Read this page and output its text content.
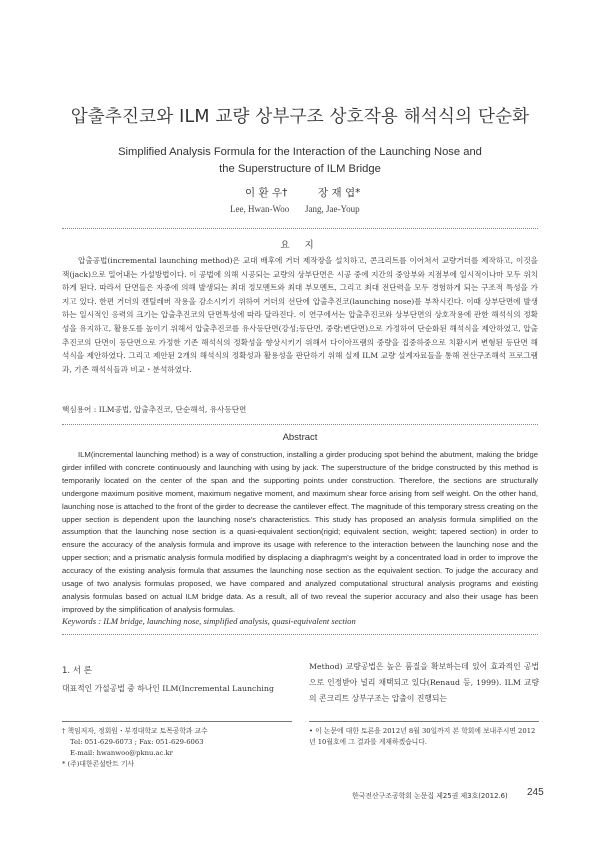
압출추진코와 ILM 교량 상부구조 상호작용 해석식의 단순화
Simplified Analysis Formula for the Interaction of the Launching Nose and
the Superstructure of ILM Bridge
이 환 우†	장 재 엽*
Lee, Hwan-Woo Jang, Jae-Youp
요 지

압출공법(incremental launching method)은 교대 배후에 거더 제작장을 설치하고, 콘크리트를 이어쳐서 교량거더를 제작하고, 이것을 잭(jack)으로 밀어내는 가설방법이다. 이 공법에 의해 시공되는 교량의 상부단면은 시공 중에 지간의 중앙부와 지점부에 일시적이나마 모두 위치하게 된다. 따라서 단면들은 자중에 의해 발생되는 최대 정모멘트와 최대 부모멘트, 그리고 최대 전단력을 모두 경험하게 되는 구조적 특성을 가지고 있다. 한편 거더의 캔틸레버 작용을 감소시키기 위하여 거더의 선단에 압출추진코(launching nose)를 부착시킨다. 이때 상부단면에 발생하는 일시적인 응력의 크기는 압출추진코의 단면특성에 따라 달라진다. 이 연구에서는 압출추진코와 상부단면의 상호작용에 관한 해석식의 정확성을 유지하고, 활용도를 높이기 위해서 압출추진코를 유사등단면(강성;등단면, 중량;변단면)으로 가정하여 단순화된 해석식을 제안하였고, 압출추진코의 단면이 등단면으로 가정한 기존 해석식의 정확성을 향상시키기 위해서 다이아프램의 중량을 집중하중으로 치환시켜 변형된 등단면 해석식을 제안하였다. 그리고 제안된 2개의 해석식의 정확성과 활용성을 판단하기 위해 실제 ILM 교량 설계자료들을 통해 전산구조해석 프로그램과, 기존 해석식들과 비교・분석하였다.

핵심용어 : ILM공법, 압출추진코, 단순해석, 유사등단면
Abstract

ILM(incremental launching method) is a way of construction, installing a girder producing spot behind the abutment, making the bridge girder infilled with concrete continuously and launching with using by jack. The superstructure of the bridge constructed by this method is temporarily located on the center of the span and the supporting points under construction. Therefore, the sections are structurally undergone maximum positive moment, maximum negative moment, and maximum shear force arising from self weight. On the other hand, launching nose is attached to the front of the girder to decrease the cantilever effect. The magnitude of this temporary stress creating on the upper section is dependent upon the launching nose's characteristics. This study has proposed an analysis formula simplified on the assumption that the launching nose section is a quasi-equivalent section(rigid; equivalent section, weight; tapered section) in order to ensure the accuracy of the analysis formula and improve its usage with reference to the interaction between the launching nose and the upper section; and a prismatic analysis formula modified by displacing a diaphragm's weight by a concentrated load in order to improve the accuracy of the existing analysis formula that assumes the launching nose section as the equivalent section. To judge the accuracy and usage of two analysis formulas proposed, we have compared and analyzed computational structural analysis programs and existing analysis formulas based on actual ILM bridge data. As a result, all of two reveal the superior accuracy and also their usage has been improved by the simplification of analysis formulas.

Keywords : ILM bridge, launching nose, simplified analysis, quasi-equivalent section
1. 서 론

대표적인 가설공법 중 하나인 ILM(Incremental Launching

Method) 교량공법은 높은 품질을 확보하는데 있어 효과적인 공법으로 인정받아 널리 채택되고 있다(Renaud 등, 1999). ILM 교량의 콘크리트 상부구조는 압출이 진행되는

† 책임저자, 정회원・부경대학교 토목공학과 교수

Tel: 051-629-6073 ; Fax: 051-629-6063

E-mail: hwanwoo@pknu.ac.kr

* (주)대한콘설탄트 기사

• 이 논문에 대한 토론을 2012년 8월 30일까지 본 학회에 보내주시면 2012년 10월호에 그 결과를 게재하겠습니다.

한국전산구조공학회 논문집 제25권 제3호(2012.6)	245
